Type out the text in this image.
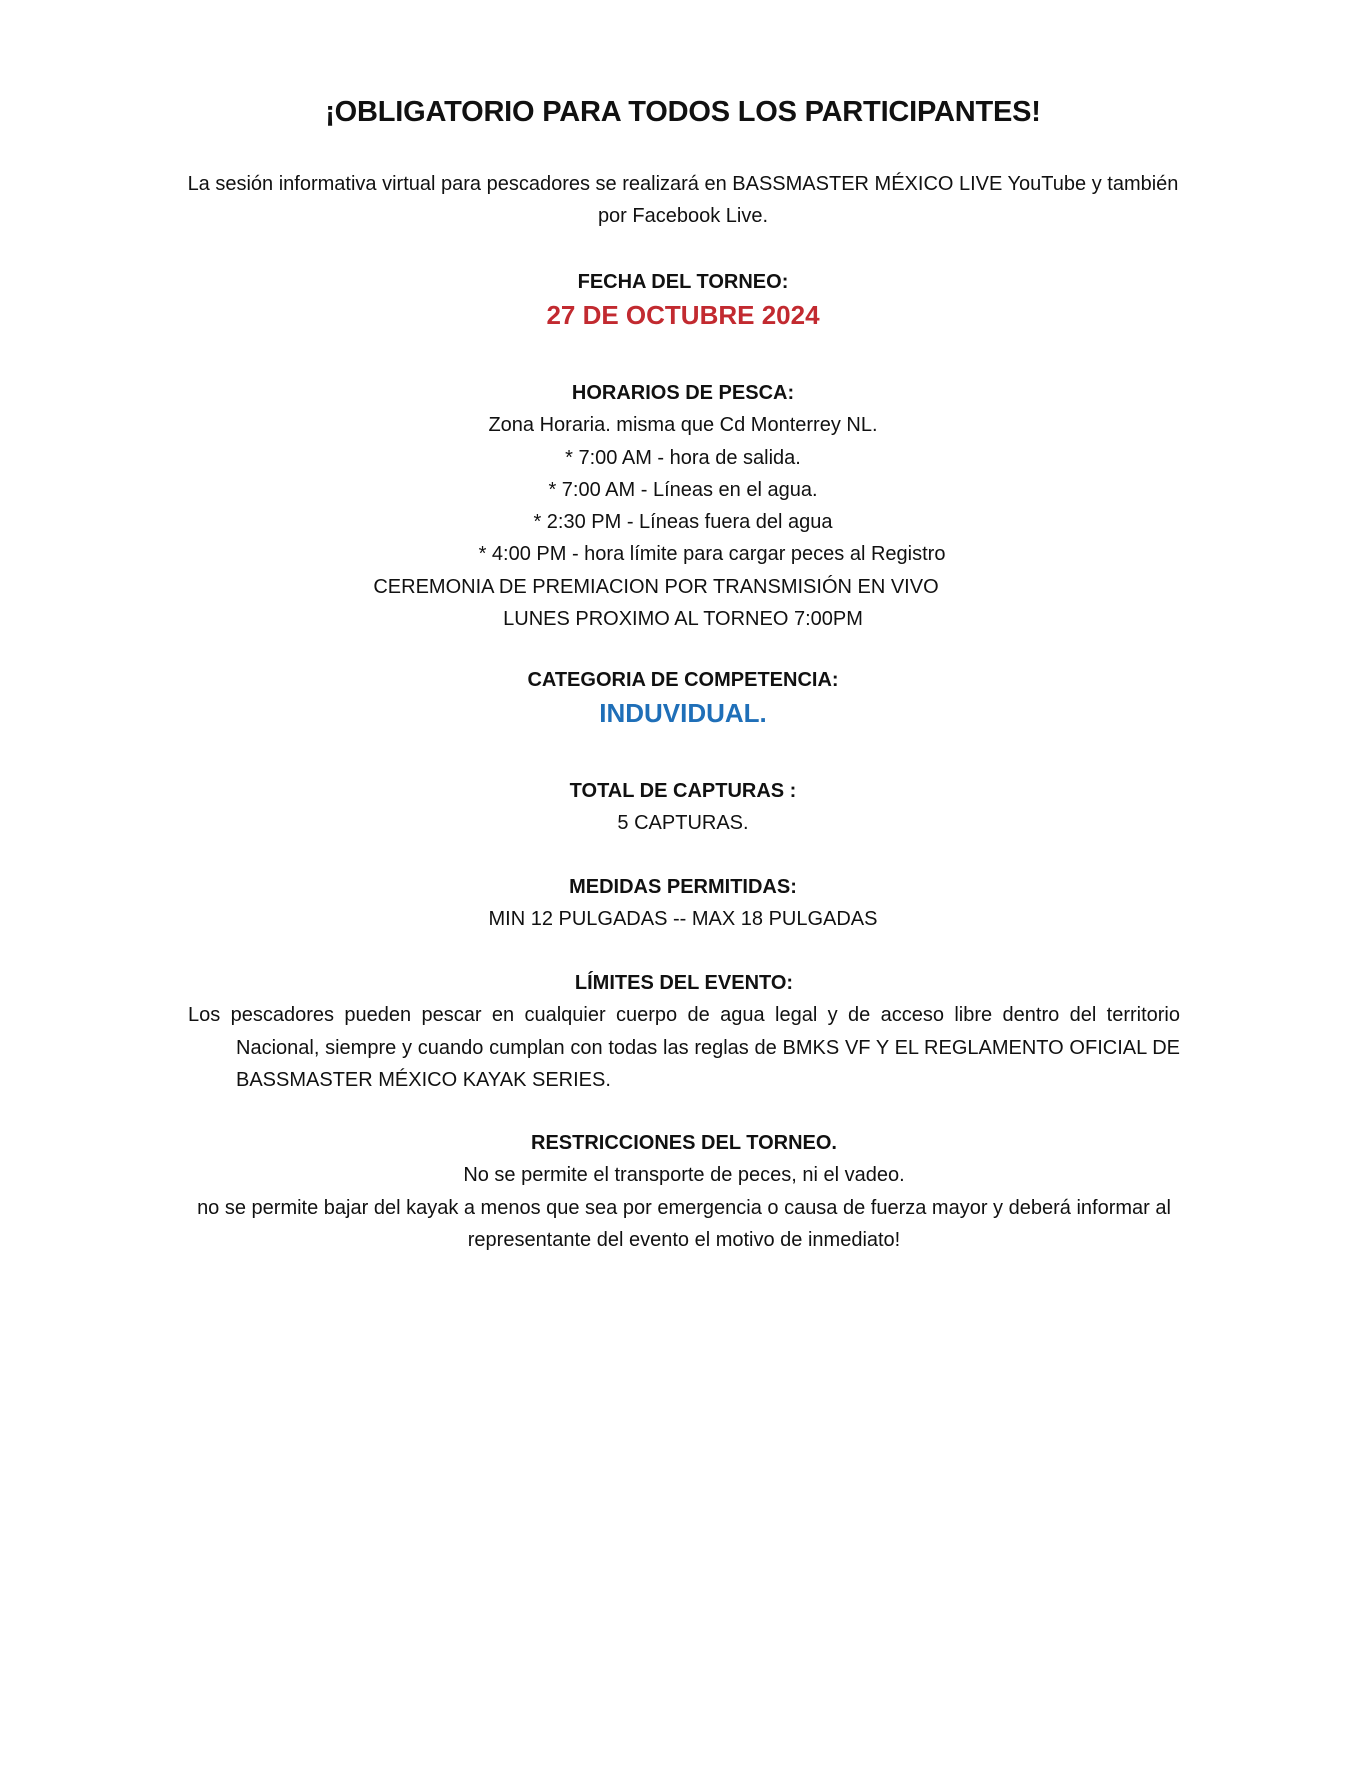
¡OBLIGATORIO PARA TODOS LOS PARTICIPANTES!

La sesión informativa virtual para pescadores se realizará en BASSMASTER MÉXICO LIVE YouTube y también por Facebook Live.

FECHA DEL TORNEO:

27 DE OCTUBRE 2024

HORARIOS DE PESCA:

Zona Horaria. misma que Cd Monterrey NL.

* 7:00 AM - hora de salida.

* 7:00 AM - Líneas en el agua.

* 2:30 PM - Líneas fuera del agua

* 4:00 PM - hora límite para cargar peces al Registro

CEREMONIA DE PREMIACION POR TRANSMISIÓN EN VIVO

LUNES PROXIMO AL TORNEO 7:00PM

CATEGORIA DE COMPETENCIA:

INDUVIDUAL.

TOTAL DE CAPTURAS :

5 CAPTURAS.

MEDIDAS PERMITIDAS:

MIN 12 PULGADAS -- MAX 18 PULGADAS

LÍMITES DEL EVENTO:

Los pescadores pueden pescar en cualquier cuerpo de agua legal y de acceso libre dentro del territorio Nacional, siempre y cuando cumplan con todas las reglas de BMKS VF Y EL REGLAMENTO OFICIAL DE BASSMASTER MÉXICO KAYAK SERIES.

RESTRICCIONES DEL TORNEO.

No se permite el transporte de peces, ni el vadeo.

no se permite bajar del kayak a menos que sea por emergencia o causa de fuerza mayor y deberá informar al representante del evento el motivo de inmediato!
